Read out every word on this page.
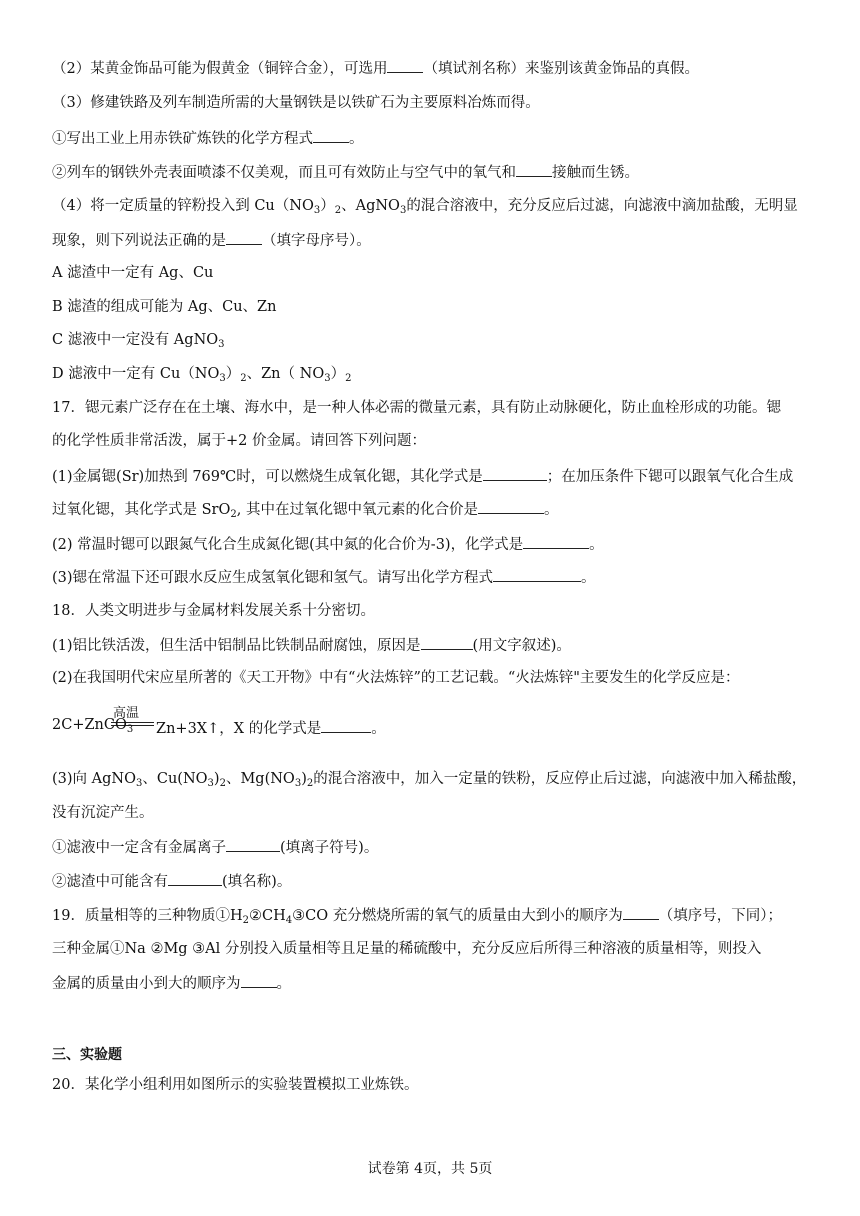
（2）某黄金饰品可能为假黄金（铜锌合金），可选用 （填试剂名称）来鉴别该黄金饰品的真假。
（3）修建铁路及列车制造所需的大量钢铁是以铁矿石为主要原料冶炼而得。
①写出工业上用赤铁矿炼铁的化学方程式 。
②列车的钢铁外壳表面喷漆不仅美观，而且可有效防止与空气中的氧气和 接触而生锈。
（4）将一定质量的锌粉投入到 $Cu(NO_3)_2$、AgNO$_3$的混合溶液中，充分反应后过滤，向滤液中滴加盐酸，无明显
现象，则下列说法正确的是 （填字母序号）。
A 滤渣中一定有 Ag、Cu
B 滤渣的组成可能为 Ag、Cu、Zn
C 滤液中一定没有 AgNO$_3$
D 滤液中一定有 $Cu(NO_3)_2$、Zn（ $NO_3)_2$
17．锶元素广泛存在在土壤、海水中，是一种人体必需的微量元素，具有防止动脉硬化，防止血栓形成的功能。锶
的化学性质非常活泼，属于+2 价金属。请回答下列问题：
(1)金属锶(Sr)加热到 769℃时，可以燃烧生成氧化锶，其化学式是	；在加压条件下锶可以跟氧气化合生成
过氧化锶，其化学式是 SrO$_2$, 其中在过氧化锶中氧元素的化合价是	。
(2) 常温时锶可以跟氮气化合生成氮化锶(其中氮的化合价为-3)，化学式是	。
(3)锶在常温下还可跟水反应生成氢氧化锶和氢气。请写出化学方程式	。
18．人类文明进步与金属材料发展关系十分密切。
(1)铝比铁活泼，但生活中铝制品比铁制品耐腐蚀，原因是	(用文字叙述)。
(2)在我国明代宋应星所著的《天工开物》中有“火法炼锌”的工艺记载。“火法炼锌"主要发生的化学反应是：
高温
2C+ZnCO$_3$ Zn+3X↑，X 的化学式是	。
(3)向 AgNO$_3$、$Cu(NO_3)_2$、$Mg(NO_3)_2$的混合溶液中，加入一定量的铁粉，反应停止后过滤，向滤液中加入稀盐酸，
没有沉淀产生。
①滤液中一定含有金属离子	(填离子符号)。
②滤渣中可能含有	(填名称)。
19．质量相等的三种物质$①H_2②CH_4③CO$ 充分燃烧所需的氧气的质量由大到小的顺序为 （填序号，下同）；
三种金属①Na ②Mg ③Al 分别投入质量相等且足量的稀硫酸中，充分反应后所得三种溶液的质量相等，则投入
金属的质量由小到大的顺序为 。
三、实验题
20．某化学小组利用如图所示的实验装置模拟工业炼铁。
试卷第 4页，共 5页
